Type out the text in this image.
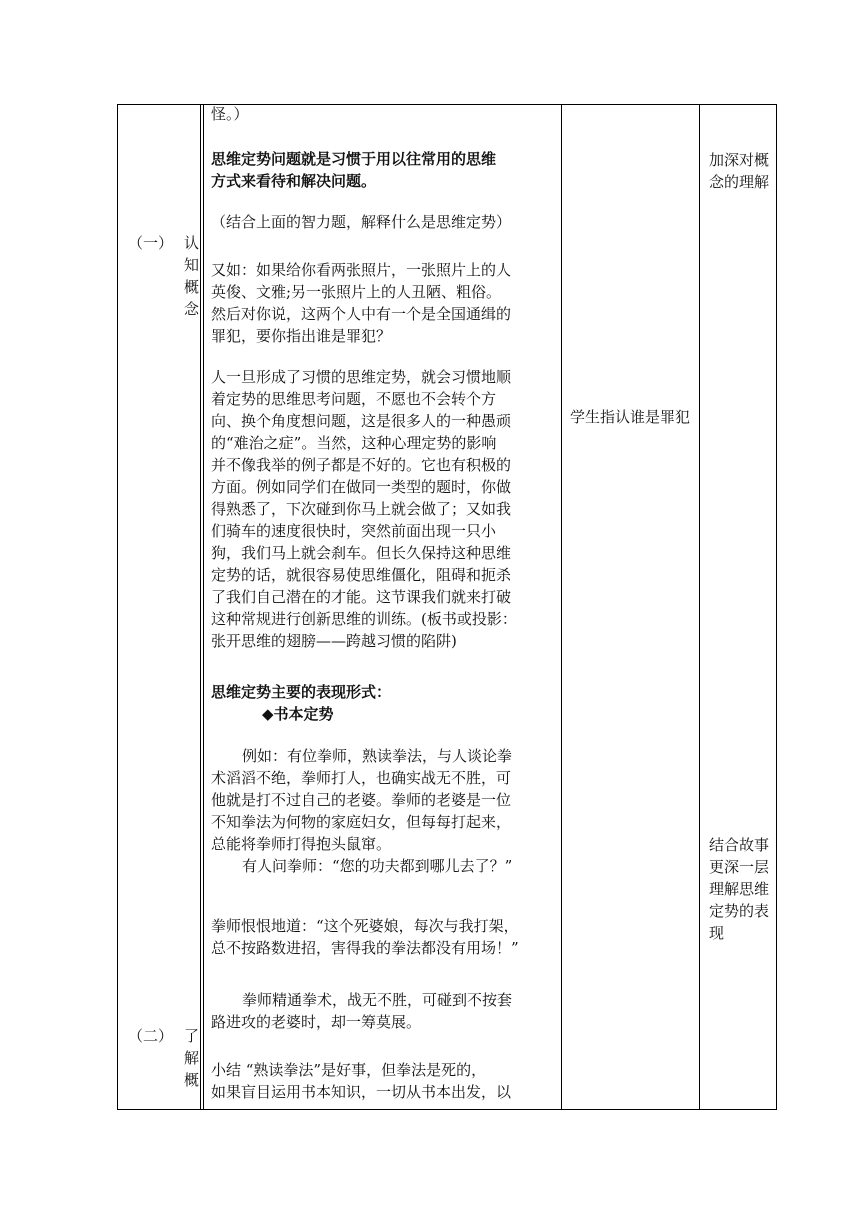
（一） 认知概念
（二） 了解概
怪。）
思维定势问题就是习惯于用以往常用的思维
方式来看待和解决问题。
（结合上面的智力题，解释什么是思维定势）
又如：如果给你看两张照片，一张照片上的人
英俊、文雅;另一张照片上的人丑陋、粗俗。
然后对你说，这两个人中有一个是全国通缉的
罪犯，要你指出谁是罪犯？
人一旦形成了习惯的思维定势，就会习惯地顺
着定势的思维思考问题，不愿也不会转个方
向、换个角度想问题，这是很多人的一种愚顽
的“难治之症”。当然，这种心理定势的影响
并不像我举的例子都是不好的。它也有积极的
方面。例如同学们在做同一类型的题时，你做
得熟悉了，下次碰到你马上就会做了；又如我
们骑车的速度很快时，突然前面出现一只小
狗，我们马上就会刹车。但长久保持这种思维
定势的话，就很容易使思维僵化，阻碍和扼杀
了我们自己潜在的才能。这节课我们就来打破
这种常规进行创新思维的训练。(板书或投影：
张开思维的翅膀——跨越习惯的陷阱)
思维定势主要的表现形式：
◆书本定势
例如：有位拳师，熟读拳法，与人谈论拳
术滔滔不绝，拳师打人，也确实战无不胜，可
他就是打不过自己的老婆。拳师的老婆是一位
不知拳法为何物的家庭妇女，但每每打起来，
总能将拳师打得抱头鼠窜。
有人问拳师：“您的功夫都到哪儿去了？”
拳师恨恨地道：“这个死婆娘，每次与我打架，
总不按路数进招，害得我的拳法都没有用场！”
拳师精通拳术，战无不胜，可碰到不按套
路进攻的老婆时，却一筹莫展。
小结 “熟读拳法”是好事，但拳法是死的，
如果盲目运用书本知识，一切从书本出发，以
学生指认谁是罪犯
加深对概念的理解
结合故事更深一层理解思维定势的表现
